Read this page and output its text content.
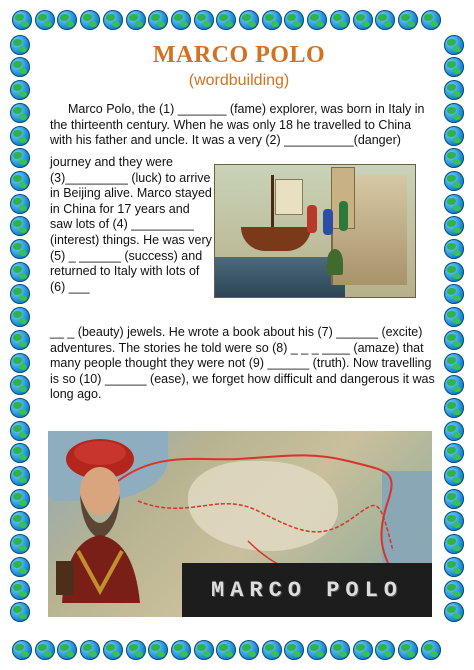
MARCO POLO

(wordbuilding)

Marco Polo, the (1) _______ (fame) explorer, was born in Italy in the thirteenth century. When he was only 18 he travelled to China with his father and uncle. It was a very (2) __________(danger)

journey and they were (3)_________ (luck) to arrive in Beijing alive. Marco stayed in China for 17 years and saw lots of (4) _________ (interest) things. He was very (5) _ ______ (success) and returned to Italy with lots of (6) ___

__ _ (beauty) jewels. He wrote a book about his (7) ______ (excite) adventures. The stories he told were so (8) _ _ _ ____ (amaze) that many people thought they were not (9) ______ (truth). Now travelling is so (10) ______ (ease), we forget how difficult and dangerous it was long ago.

MARCO POLO
